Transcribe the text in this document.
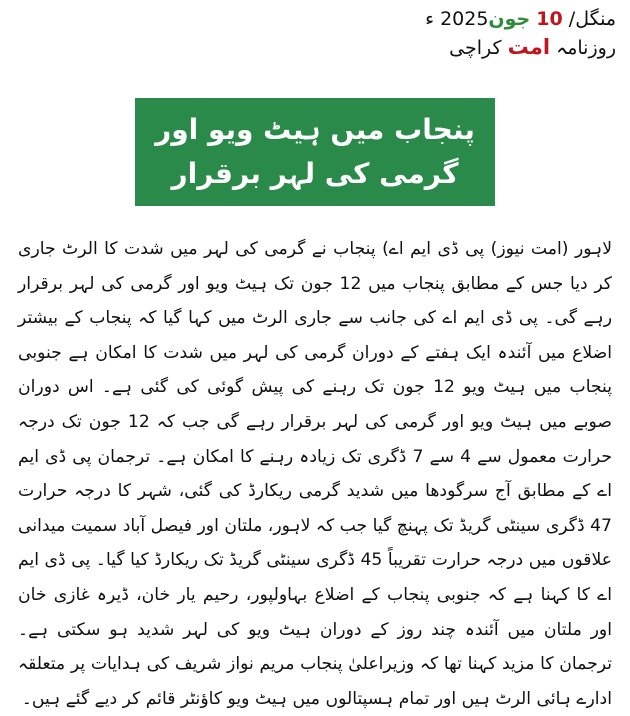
منگل/ 10 جون2025 ء
روزنامہ امت کراچی
پنجاب میں ہیٹ ویو اور
گرمی کی لہر برقرار

لاہور (امت نیوز) پی ڈی ایم اے) پنجاب نے گرمی کی لہر میں شدت کا الرٹ جاری کر دیا جس کے مطابق پنجاب میں 12 جون تک ہیٹ ویو اور گرمی کی لہر برقرار رہے گی۔ پی ڈی ایم اے کی جانب سے جاری الرٹ میں کہا گیا کہ پنجاب کے بیشتر اضلاع میں آئندہ ایک ہفتے کے دوران گرمی کی لہر میں شدت کا امکان ہے جنوبی پنجاب میں ہیٹ ویو 12 جون تک رہنے کی پیش گوئی کی گئی ہے۔ اس دوران صوبے میں ہیٹ ویو اور گرمی کی لہر برقرار رہے گی جب کہ 12 جون تک درجہ حرارت معمول سے 4 سے 7 ڈگری تک زیادہ رہنے کا امکان ہے۔ ترجمان پی ڈی ایم اے کے مطابق آج سرگودھا میں شدید گرمی ریکارڈ کی گئی، شہر کا درجہ حرارت 47 ڈگری سینٹی گریڈ تک پہنچ گیا جب کہ لاہور، ملتان اور فیصل آباد سمیت میدانی علاقوں میں درجہ حرارت تقریباً 45 ڈگری سینٹی گریڈ تک ریکارڈ کیا گیا۔ پی ڈی ایم اے کا کہنا ہے کہ جنوبی پنجاب کے اضلاع بہاولپور، رحیم یار خان، ڈیرہ غازی خان اور ملتان میں آئندہ چند روز کے دوران ہیٹ ویو کی لہر شدید ہو سکتی ہے۔ ترجمان کا مزید کہنا تھا کہ وزیراعلیٰ پنجاب مریم نواز شریف کی ہدایات پر متعلقہ ادارے ہائی الرٹ ہیں اور تمام ہسپتالوں میں ہیٹ ویو کاؤنٹر قائم کر دیے گئے ہیں۔
